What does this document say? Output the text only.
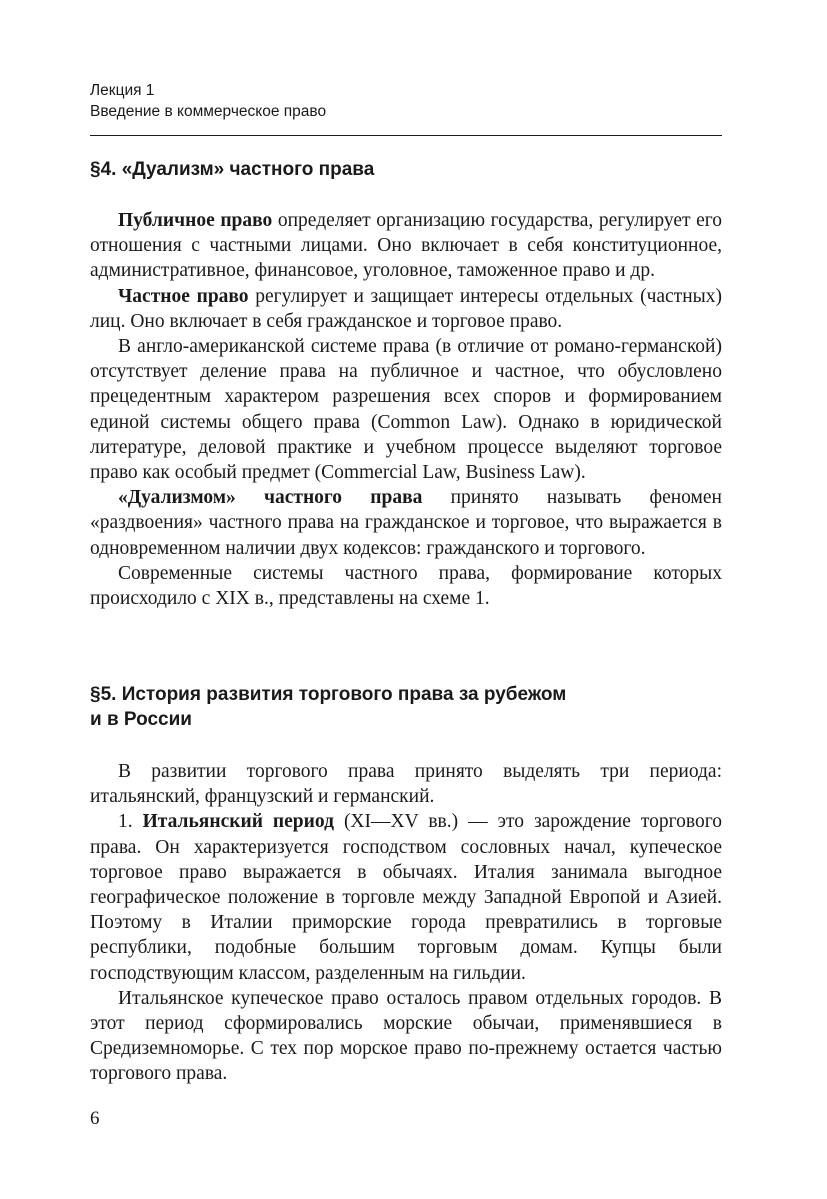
Лекция 1
Введение в коммерческое право
§4. «Дуализм» частного права

Публичное право определяет организацию государства, регулирует его отношения с частными лицами. Оно включает в себя конституционное, административное, финансовое, уголовное, таможенное право и др.

Частное право регулирует и защищает интересы отдельных (частных) лиц. Оно включает в себя гражданское и торговое право.

В англо-американской системе права (в отличие от романо-германской) отсутствует деление права на публичное и частное, что обусловлено прецедентным характером разрешения всех споров и формированием единой системы общего права (Common Law). Однако в юридической литературе, деловой практике и учебном процессе выделяют торговое право как особый предмет (Commercial Law, Business Law).

«Дуализмом» частного права принято называть феномен «раздвоения» частного права на гражданское и торговое, что выражается в одновременном наличии двух кодексов: гражданского и торгового.

Современные системы частного права, формирование которых происходило с XIX в., представлены на схеме 1.

§5. История развития торгового права за рубежом
и в России

В развитии торгового права принято выделять три периода: итальянский, французский и германский.

1. Итальянский период (XI—XV вв.) — это зарождение торгового права. Он характеризуется господством сословных начал, купеческое торговое право выражается в обычаях. Италия занимала выгодное географическое положение в торговле между Западной Европой и Азией. Поэтому в Италии приморские города превратились в торговые республики, подобные большим торговым домам. Купцы были господствующим классом, разделенным на гильдии.

Итальянское купеческое право осталось правом отдельных городов. В этот период сформировались морские обычаи, применявшиеся в Средиземноморье. С тех пор морское право по-прежнему остается частью торгового права.

6
